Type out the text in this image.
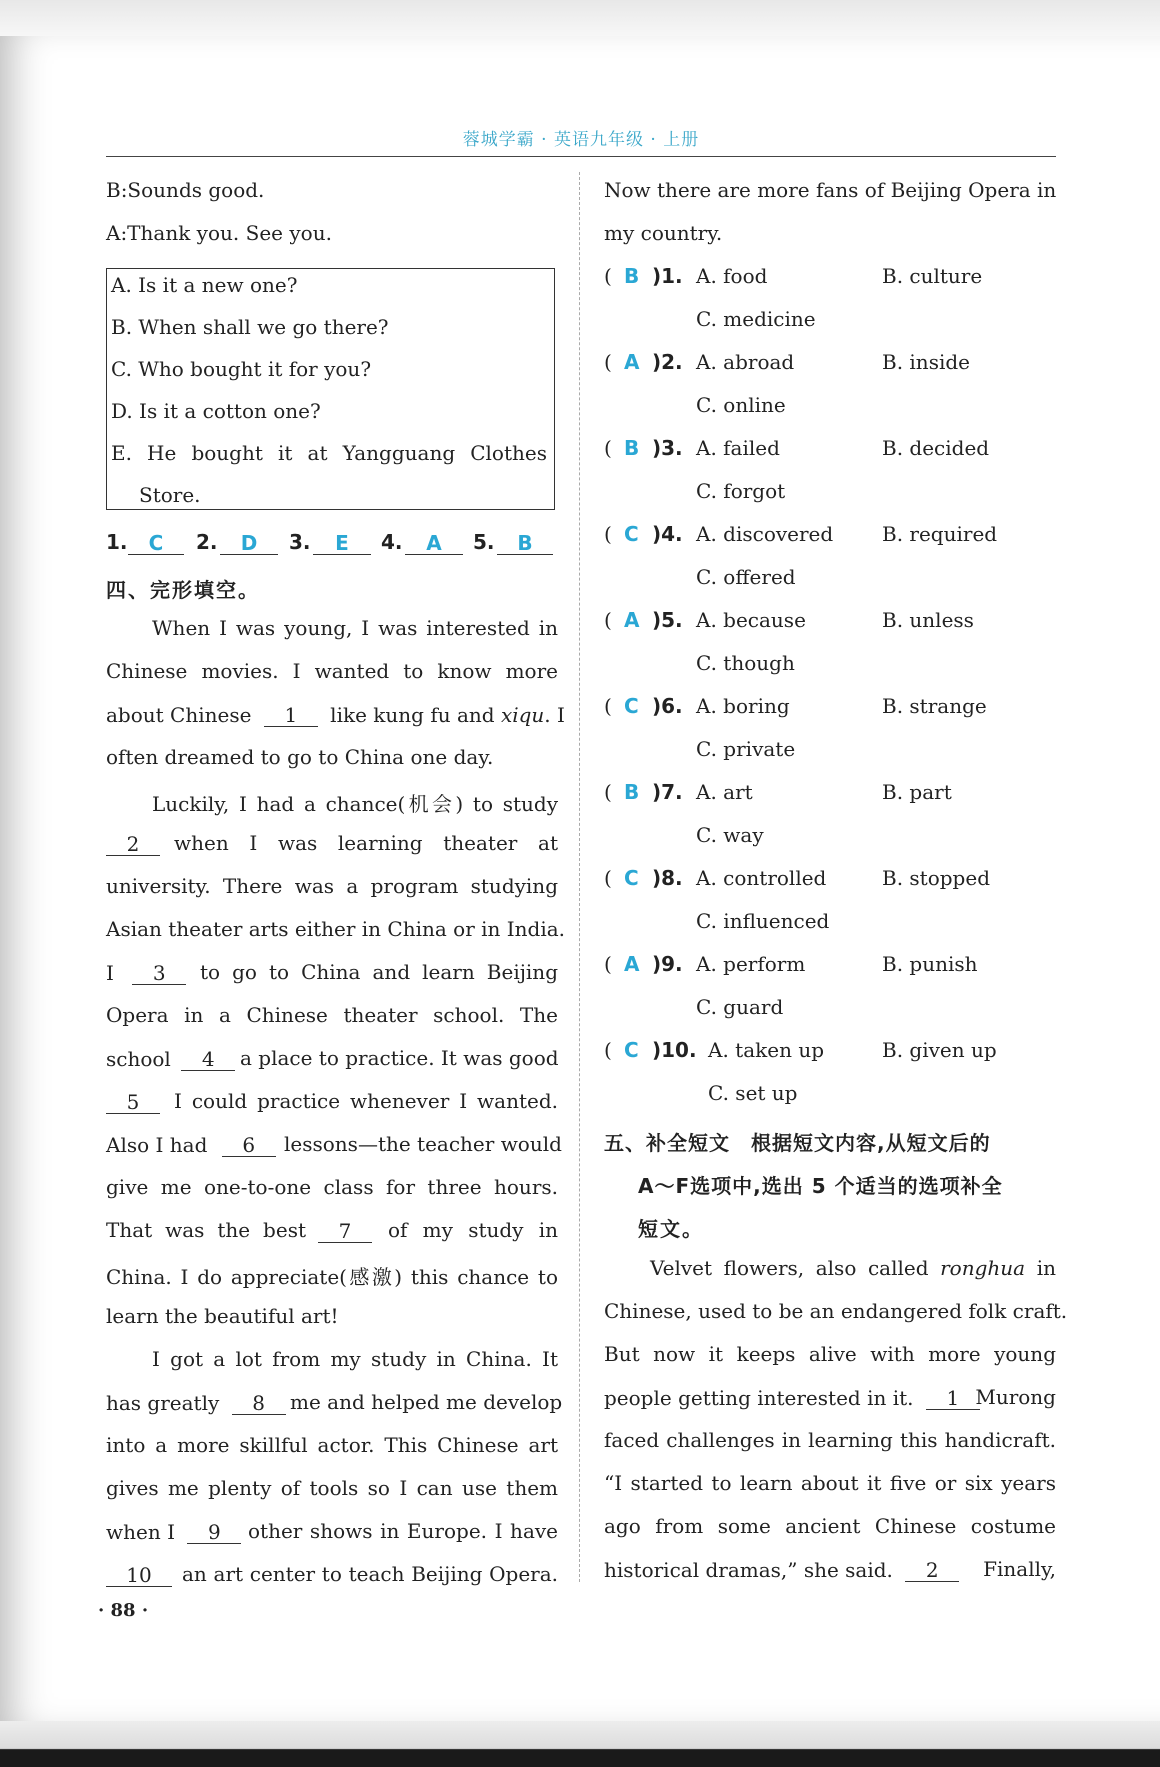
蓉城学霸 · 英语九年级 · 上册
B:Sounds good.
A:Thank you. See you.
A. Is it a new one?
B. When shall we go there?
C. Who bought it for you?
D. Is it a cotton one?
E. He bought it at Yangguang Clothes
Store.
1.	C	2.	D	3.	E	4.	A	5.	B
四、完形填空。
When I was young, I was interested in
Chinese movies. I wanted to know more
about Chinese 1 like kung fu and xiqu. I
often dreamed to go to China one day.
Luckily, I had a chance(机会) to study
2 when I was learning theater at
university. There was a program studying
Asian theater arts either in China or in India.
I 3 to go to China and learn Beijing
Opera in a Chinese theater school. The
school 4 a place to practice. It was good
5 I could practice whenever I wanted.
Also I had 6 lessons—the teacher would
give me one-to-one class for three hours.
That was the best	7	of my study in
China. I do appreciate(感激) this chance to
learn the beautiful art!
I got a lot from my study in China. It
has greatly 8 me and helped me develop
into a more skillful actor. This Chinese art
gives me plenty of tools so I can use them
when I 9 other shows in Europe. I have
10 an art center to teach Beijing Opera.
· 88 ·
Now there are more fans of Beijing Opera in
my country.
( B )1. A. food	B. culture
C. medicine
( A )2. A. abroad	B. inside
C. online
( B )3. A. failed	B. decided
C. forgot
( C )4. A. discovered B. required
C. offered
( A )5. A. because	B. unless
C. though
( C )6. A. boring	B. strange
C. private
( B )7. A. art	B. part
C. way
( C )8. A. controlled	B. stopped
C. influenced
( A )9. A. perform	B. punish
C. guard
( C )10. A. taken up	B. given up
C. set up
五、补全短文　根据短文内容,从短文后的
A～F选项中,选出 5 个适当的选项补全
短文。
Velvet flowers, also called ronghua in
Chinese, used to be an endangered folk craft.
But now it keeps alive with more young
people getting interested in it. 1 Murong
faced challenges in learning this handicraft.
“I started to learn about it five or six years
ago from some ancient Chinese costume
historical dramas,” she said. 2 Finally,
